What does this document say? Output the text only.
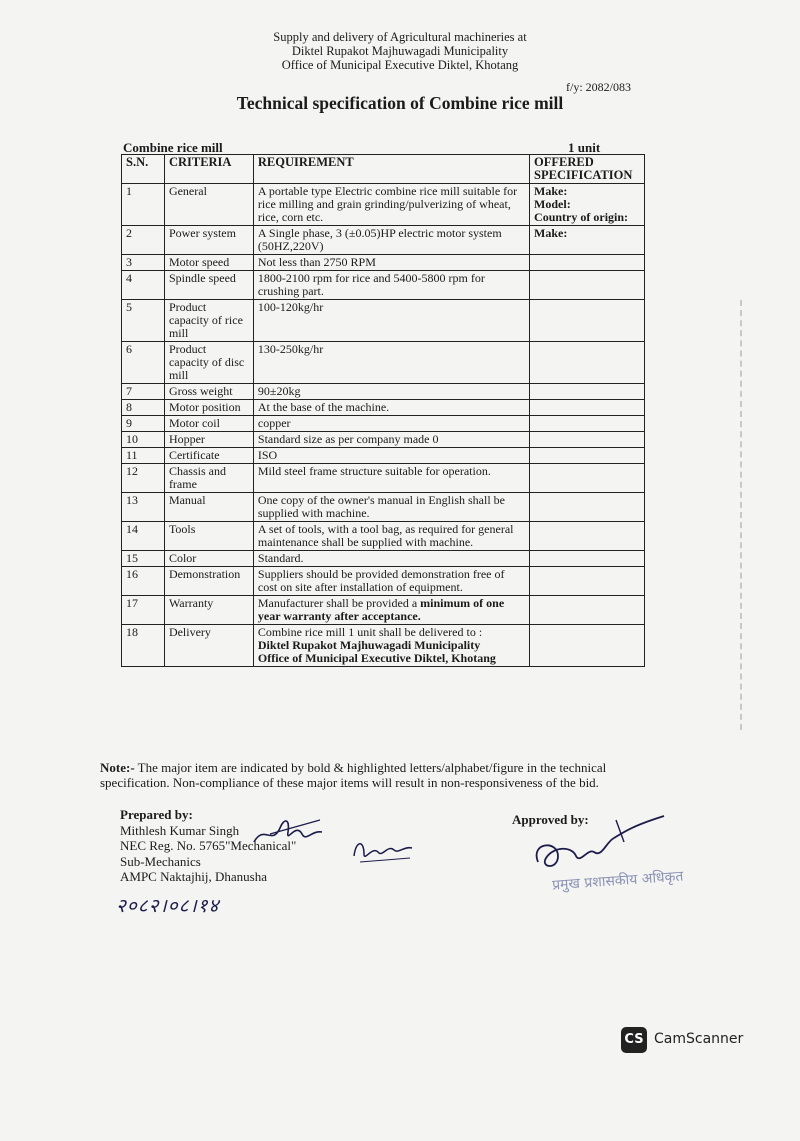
Supply and delivery of Agricultural machineries at
Diktel Rupakot Majhuwagadi Municipality
Office of Municipal Executive Diktel, Khotang
f/y: 2082/083
Technical specification of Combine rice mill
Combine rice mill	1 unit
S.N.	CRITERIA	REQUIREMENT	OFFERED SPECIFICATION
1	General	A portable type Electric combine rice mill suitable for rice milling and grain grinding/pulverizing of wheat, rice, corn etc.	Make:
Model:
Country of origin:
2	Power system	A Single phase, 3 (±0.05)HP electric motor system (50HZ,220V)	Make:
3	Motor speed	Not less than 2750 RPM	
4	Spindle speed	1800-2100 rpm for rice and 5400-5800 rpm for crushing part.	
5	Product capacity of rice mill	100-120kg/hr	
6	Product capacity of disc mill	130-250kg/hr	
7	Gross weight	90±20kg	
8	Motor position	At the base of the machine.	
9	Motor coil	copper	
10	Hopper	Standard size as per company made 0	
11	Certificate	ISO	
12	Chassis and frame	Mild steel frame structure suitable for operation.	
13	Manual	One copy of the owner's manual in English shall be supplied with machine.	
14	Tools	A set of tools, with a tool bag, as required for general maintenance shall be supplied with machine.	
15	Color	Standard.	
16	Demonstration	Suppliers should be provided demonstration free of cost on site after installation of equipment.	
17	Warranty	Manufacturer shall be provided a minimum of one year warranty after acceptance.	
18	Delivery	Combine rice mill 1 unit shall be delivered to :
Diktel Rupakot Majhuwagadi Municipality
Office of Municipal Executive Diktel, Khotang	
Note:- The major item are indicated by bold & highlighted letters/alphabet/figure in the technical specification. Non-compliance of these major items will result in non-responsiveness of the bid.
Prepared by:
Mithlesh Kumar Singh
NEC Reg. No. 5765"Mechanical"
Sub-Mechanics
AMPC Naktajhij, Dhanusha
२०८२।०८।१४
Approved by:
प्रमुख प्रशासकीय अधिकृत
CS CamScanner
